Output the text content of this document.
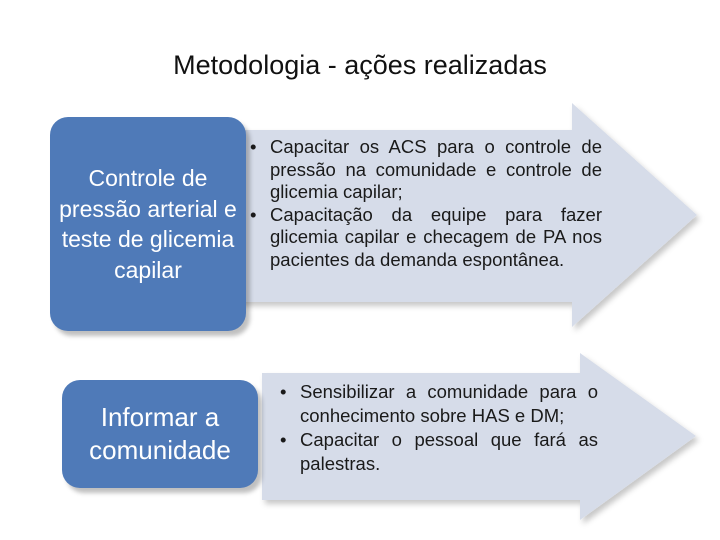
Metodologia - ações realizadas
Controle de pressão arterial e teste de glicemia capilar
• Capacitar os ACS para o controle de pressão na comunidade e controle de glicemia capilar;
• Capacitação da equipe para fazer glicemia capilar e checagem de PA nos pacientes da demanda espontânea.
Informar a comunidade
• Sensibilizar a comunidade para o conhecimento sobre HAS e DM;
• Capacitar o pessoal que fará as palestras.
